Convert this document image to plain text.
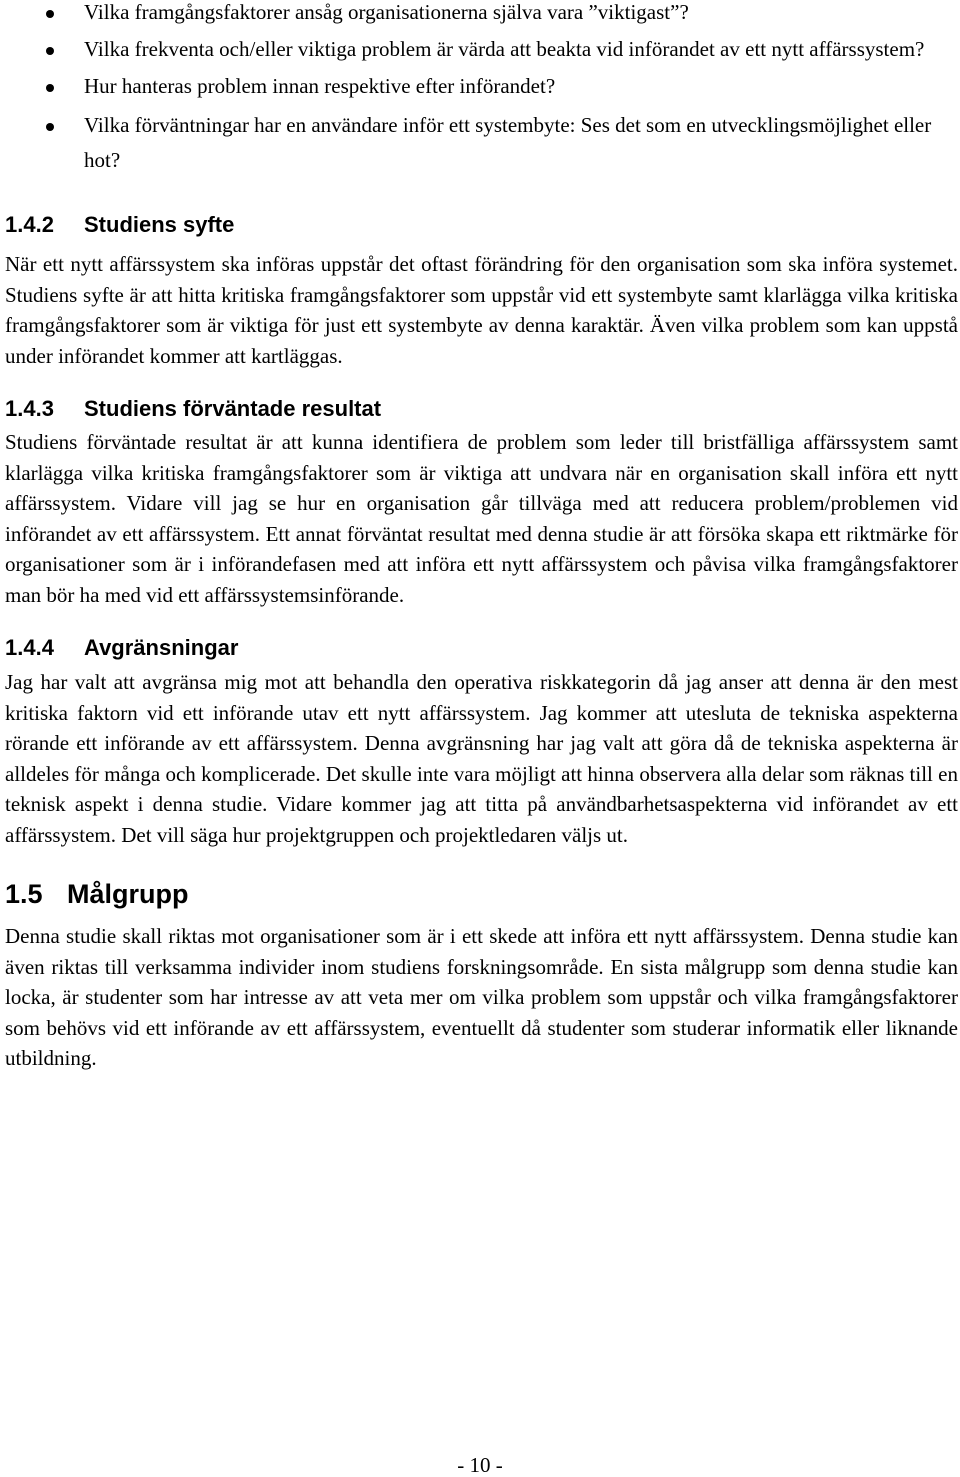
Vilka framgångsfaktorer ansåg organisationerna själva vara ”viktigast”?
Vilka frekventa och/eller viktiga problem är värda att beakta vid införandet av ett nytt affärssystem?
Hur hanteras problem innan respektive efter införandet?
Vilka förväntningar har en användare inför ett systembyte: Ses det som en utvecklingsmöjlighet eller hot?
1.4.2 Studiens syfte

När ett nytt affärssystem ska införas uppstår det oftast förändring för den organisation som ska införa systemet. Studiens syfte är att hitta kritiska framgångsfaktorer som uppstår vid ett systembyte samt klarlägga vilka kritiska framgångsfaktorer som är viktiga för just ett systembyte av denna karaktär. Även vilka problem som kan uppstå under införandet kommer att kartläggas.

1.4.3 Studiens förväntade resultat

Studiens förväntade resultat är att kunna identifiera de problem som leder till bristfälliga affärssystem samt klarlägga vilka kritiska framgångsfaktorer som är viktiga att undvara när en organisation skall införa ett nytt affärssystem. Vidare vill jag se hur en organisation går tillväga med att reducera problem/problemen vid införandet av ett affärssystem. Ett annat förväntat resultat med denna studie är att försöka skapa ett riktmärke för organisationer som är i införandefasen med att införa ett nytt affärssystem och påvisa vilka framgångsfaktorer man bör ha med vid ett affärssystemsinförande.

1.4.4 Avgränsningar

Jag har valt att avgränsa mig mot att behandla den operativa riskkategorin då jag anser att denna är den mest kritiska faktorn vid ett införande utav ett nytt affärssystem. Jag kommer att utesluta de tekniska aspekterna rörande ett införande av ett affärssystem. Denna avgränsning har jag valt att göra då de tekniska aspekterna är alldeles för många och komplicerade. Det skulle inte vara möjligt att hinna observera alla delar som räknas till en teknisk aspekt i denna studie. Vidare kommer jag att titta på användbarhetsaspekterna vid införandet av ett affärssystem. Det vill säga hur projektgruppen och projektledaren väljs ut.

1.5 Målgrupp

Denna studie skall riktas mot organisationer som är i ett skede att införa ett nytt affärssystem. Denna studie kan även riktas till verksamma individer inom studiens forskningsområde. En sista målgrupp som denna studie kan locka, är studenter som har intresse av att veta mer om vilka problem som uppstår och vilka framgångsfaktorer som behövs vid ett införande av ett affärssystem, eventuellt då studenter som studerar informatik eller liknande utbildning.

- 10 -
